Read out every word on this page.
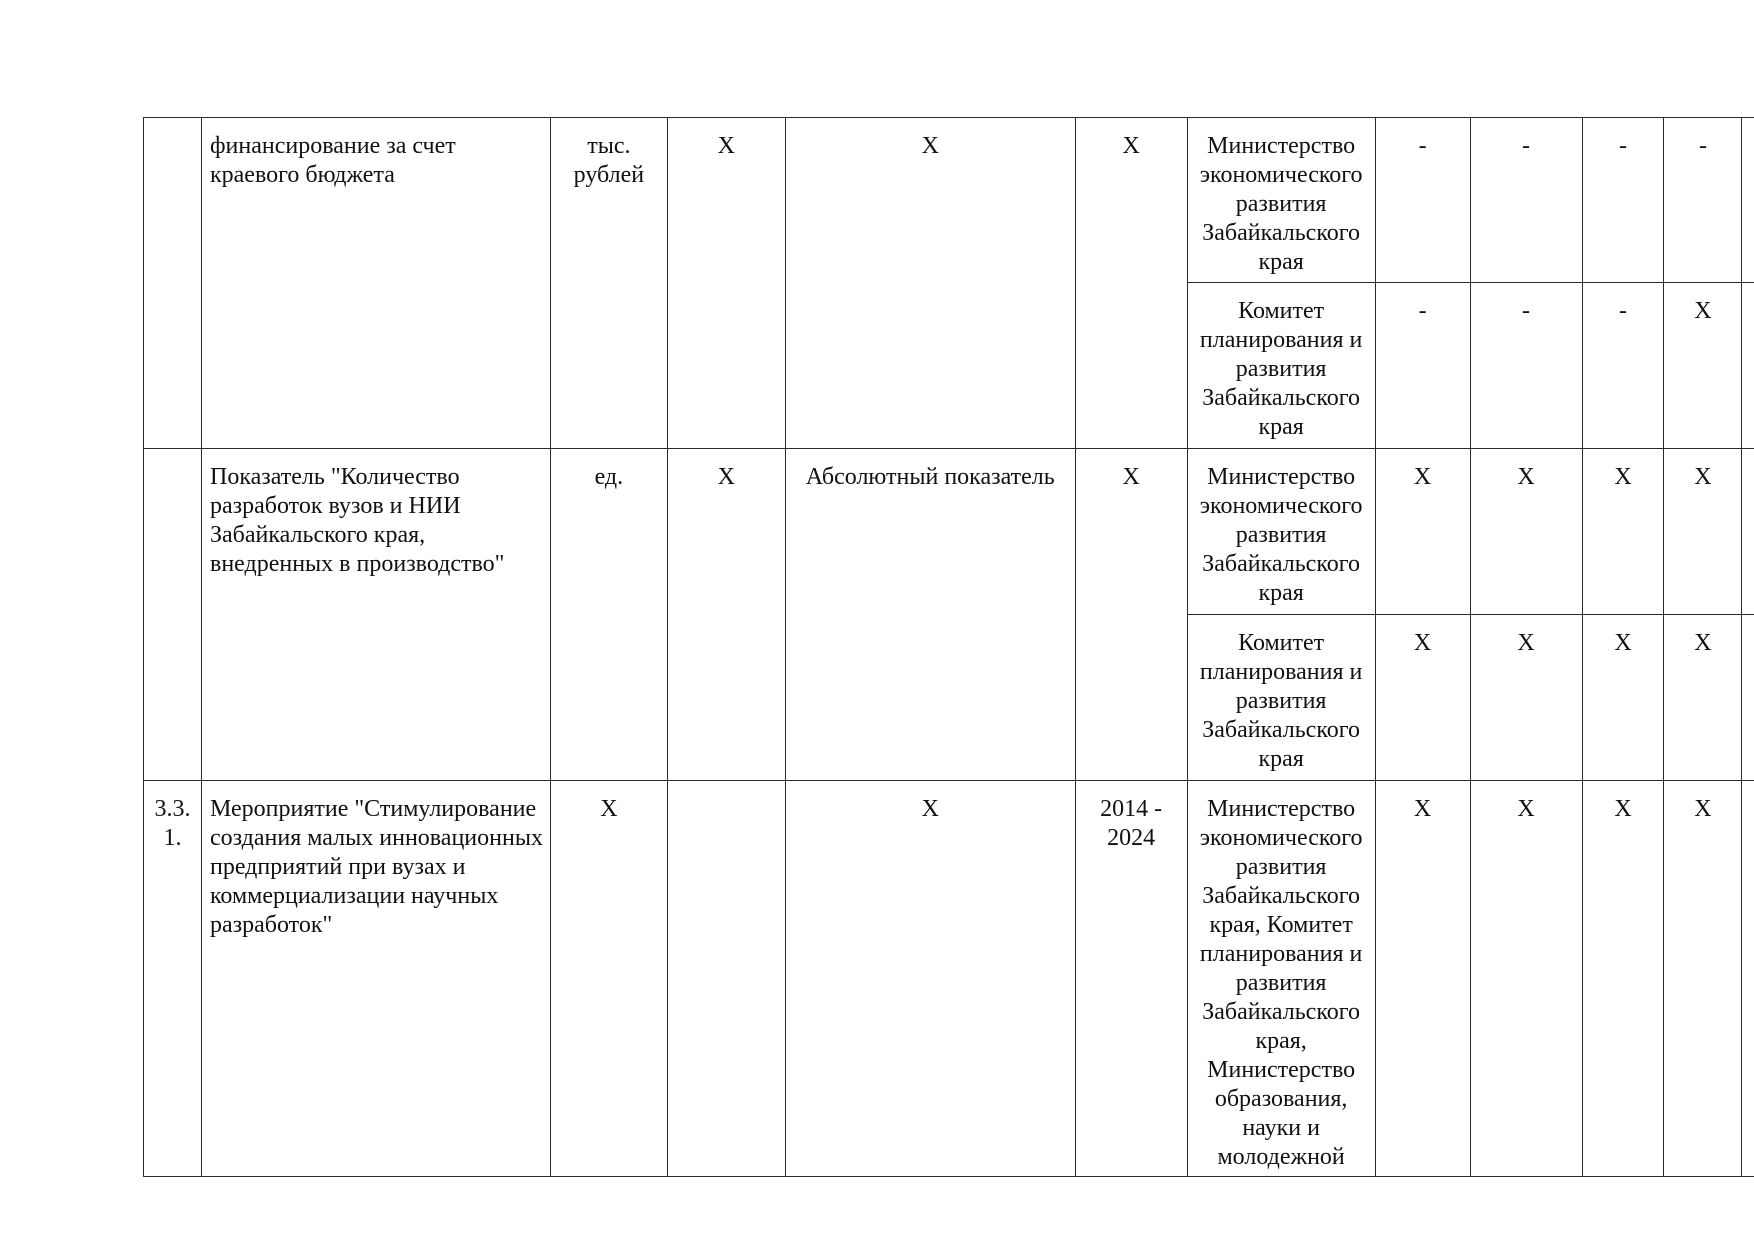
	финансирование за счет краевого бюджета	тыс. рублей	X	X	X	Министерство экономического развития Забайкальского края	-	-	-	-	
						Комитет планирования и развития Забайкальского края	-	-	-	X	
	Показатель "Количество разработок вузов и НИИ Забайкальского края, внедренных в производство"	ед.	X	Абсолютный показатель	X	Министерство экономического развития Забайкальского края	X	X	X	X	
						Комитет планирования и развития Забайкальского края	X	X	X	X	
3.3. 1.	Мероприятие "Стимулирование создания малых инновационных предприятий при вузах и коммерциализации научных разработок"	X		X	2014 - 2024	Министерство экономического развития Забайкальского края, Комитет планирования и развития Забайкальского края, Министерство образования, науки и молодежной	X	X	X	X	
